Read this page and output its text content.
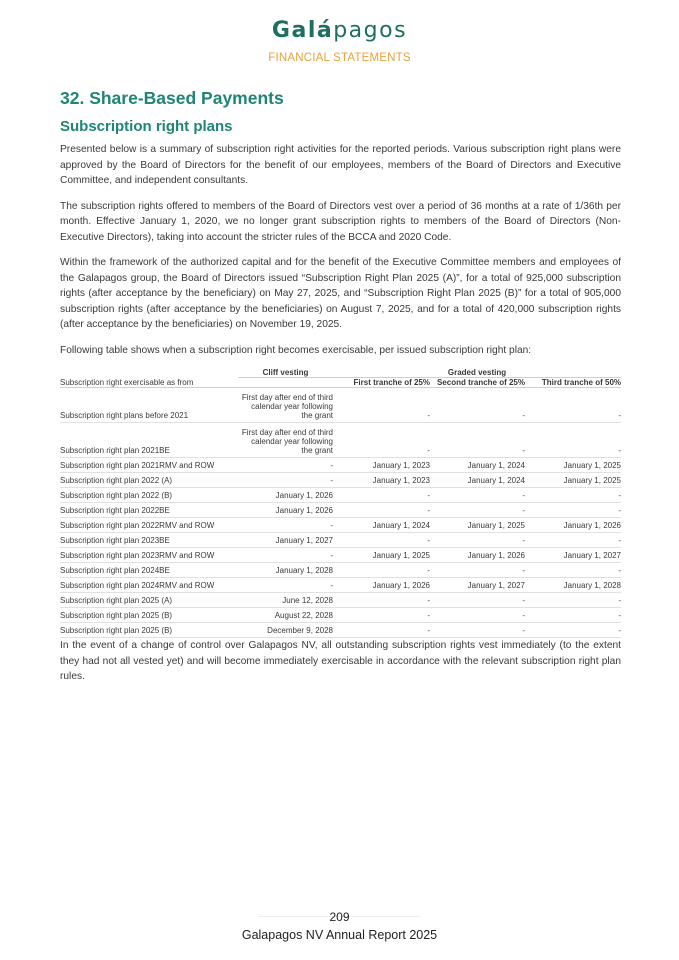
Galápagos
FINANCIAL STATEMENTS
32. Share-Based Payments
Subscription right plans

Presented below is a summary of subscription right activities for the reported periods. Various subscription right plans were approved by the Board of Directors for the benefit of our employees, members of the Board of Directors and Executive Committee, and independent consultants.

The subscription rights offered to members of the Board of Directors vest over a period of 36 months at a rate of 1/36th per month. Effective January 1, 2020, we no longer grant subscription rights to members of the Board of Directors (Non-Executive Directors), taking into account the stricter rules of the BCCA and 2020 Code.

Within the framework of the authorized capital and for the benefit of the Executive Committee members and employees of the Galapagos group, the Board of Directors issued “Subscription Right Plan 2025 (A)”, for a total of 925,000 subscription rights (after acceptance by the beneficiary) on May 27, 2025, and “Subscription Right Plan 2025 (B)” for a total of 905,000 subscription rights (after acceptance by the beneficiaries) on August 7, 2025, and for a total of 420,000 subscription rights (after acceptance by the beneficiaries) on November 19, 2025.

Following table shows when a subscription right becomes exercisable, per issued subscription right plan:

	Cliff vesting	Graded vesting		
Subscription right exercisable as from		First tranche of 25%	Second tranche of 25%	Third tranche of 50%
Subscription right plans before 2021	First day after end of third calendar year following the grant	-	-	-
Subscription right plan 2021BE	First day after end of third calendar year following the grant	-	-	-
Subscription right plan 2021RMV and ROW	-	January 1, 2023	January 1, 2024	January 1, 2025
Subscription right plan 2022 (A)	-	January 1, 2023	January 1, 2024	January 1, 2025
Subscription right plan 2022 (B)	January 1, 2026	-	-	-
Subscription right plan 2022BE	January 1, 2026	-	-	-
Subscription right plan 2022RMV and ROW	-	January 1, 2024	January 1, 2025	January 1, 2026
Subscription right plan 2023BE	January 1, 2027	-	-	-
Subscription right plan 2023RMV and ROW	-	January 1, 2025	January 1, 2026	January 1, 2027
Subscription right plan 2024BE	January 1, 2028	-	-	-
Subscription right plan 2024RMV and ROW	-	January 1, 2026	January 1, 2027	January 1, 2028
Subscription right plan 2025 (A)	June 12, 2028	-	-	-
Subscription right plan 2025 (B)	August 22, 2028	-	-	-
Subscription right plan 2025 (B)	December 9, 2028	-	-	-

In the event of a change of control over Galapagos NV, all outstanding subscription rights vest immediately (to the extent they had not all vested yet) and will become immediately exercisable in accordance with the relevant subscription right plan rules.

209
Galapagos NV Annual Report 2025
